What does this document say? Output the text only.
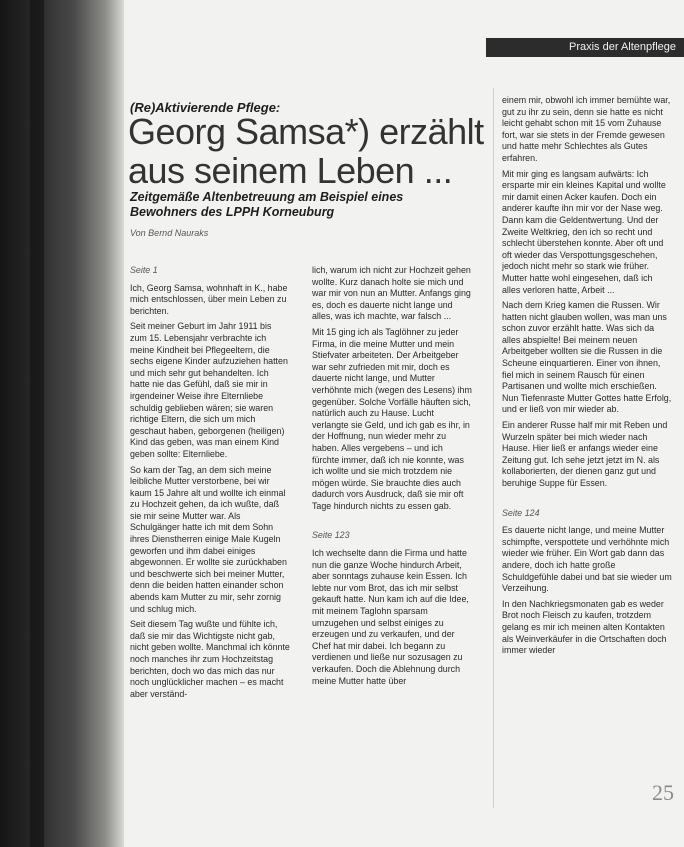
Praxis der Altenpflege
(Re)Aktivierende Pflege:
Georg Samsa*) erzählt aus seinem Leben ...
Zeitgemäße Altenbetreuung am Beispiel eines Bewohners des LPPH Korneuburg
Von Bernd Nauraks

Seite 1

Ich, Georg Samsa, wohnhaft in K., habe mich entschlossen, über mein Leben zu berichten.

Seit meiner Geburt im Jahr 1911 bis zum 15. Lebensjahr verbrachte ich meine Kindheit bei Pflegeeltern, die sechs eigene Kinder aufzuziehen hatten und mich sehr gut behandelten. Ich hatte nie das Gefühl, daß sie mir in irgendeiner Weise ihre Elternliebe schuldig geblieben wären; sie waren richtige Eltern, die sich um mich geschaut haben, geborgenen (heiligen) Kind das geben, was man einem Kind geben sollte: Elternliebe.

So kam der Tag, an dem sich meine leibliche Mutter verstorbene, bei wir kaum 15 Jahre alt und wollte ich einmal zu Hochzeit gehen, da ich wußte, daß sie mir seine Mutter war. Als Schulgänger hatte ich mit dem Sohn ihres Dienstherren einige Male Kugeln geworfen und ihm dabei einiges abgewonnen. Er wollte sie zurückhaben und beschwerte sich bei meiner Mutter, denn die beiden hatten einander schon abends kam Mutter zu mir, sehr zornig und schlug mich.

Seit diesem Tag wußte und fühlte ich, daß sie mir das Wichtigste nicht gab, nicht geben wollte. Manchmal ich könnte noch manches ihr zum Hochzeitstag berichten, doch wo das mich das nur noch unglücklicher machen – es macht aber verständ-

lich, warum ich nicht zur Hochzeit gehen wollte. Kurz danach holte sie mich und war mir von nun an Mutter. Anfangs ging es, doch es dauerte nicht lange und alles, was ich machte, war falsch ...

Mit 15 ging ich als Taglöhner zu jeder Firma, in die meine Mutter und mein Stiefvater arbeiteten. Der Arbeitgeber war sehr zufrieden mit mir, doch es dauerte nicht lange, und Mutter verhöhnte mich (wegen des Lesens) ihm gegenüber. Solche Vorfälle häuften sich, natürlich auch zu Hause. Lucht verlangte sie Geld, und ich gab es ihr, in der Hoffnung, nun wieder mehr zu haben. Alles vergebens – und ich fürchte immer, daß ich nie konnte, was ich wollte und sie mich trotzdem nie mögen würde. Sie brauchte dies auch dadurch vors Ausdruck, daß sie mir oft Tage hindurch nichts zu essen gab.

Seite 123

Ich wechselte dann die Firma und hatte nun die ganze Woche hindurch Arbeit, aber sonntags zuhause kein Essen. Ich lebte nur vom Brot, das ich mir selbst gekauft hatte. Nun kam ich auf die Idee, mit meinem Taglohn sparsam umzugehen und selbst einiges zu erzeugen und zu verkaufen, und der Chef hat mir dabei. Ich begann zu verdienen und ließe nur sozusagen zu verkaufen. Doch die Ablehnung durch meine Mutter hatte über

einem mir, obwohl ich immer bemühte war, gut zu ihr zu sein, denn sie hatte es nicht leicht gehabt schon mit 15 vom Zuhause fort, war sie stets in der Fremde gewesen und hatte mehr Schlechtes als Gutes erfahren.

Mit mir ging es langsam aufwärts: Ich ersparte mir ein kleines Kapital und wollte mir damit einen Acker kaufen. Doch ein anderer kaufte ihn mir vor der Nase weg. Dann kam die Geldentwertung. Und der Zweite Weltkrieg, den ich so recht und schlecht überstehen konnte. Aber oft und oft wieder das Verspottungsgeschehen, jedoch nicht mehr so stark wie früher. Mutter hatte wohl eingesehen, daß ich alles verloren hatte, Arbeit ...

Nach dem Krieg kamen die Russen. Wir hatten nicht glauben wollen, was man uns schon zuvor erzählt hatte. Was sich da alles abspielte! Bei meinem neuen Arbeitgeber wollten sie die Russen in die Scheune einquartieren. Einer von ihnen, fiel mich in seinem Rausch für einen Partisanen und wollte mich erschießen. Nun Tiefenraste Mutter Gottes hatte Erfolg, und er ließ von mir wieder ab.

Ein anderer Russe half mir mit Reben und Wurzeln später bei mich wieder nach Hause. Hier ließ er anfangs wieder eine Zeitung gut. Ich sehe jetzt jetzt im N. als kollaborierten, der dienen ganz gut und beruhige Suppe für Essen.

Seite 124

Es dauerte nicht lange, und meine Mutter schimpfte, verspottete und verhöhnte mich wieder wie früher. Ein Wort gab dann das andere, doch ich hatte große Schuldgefühle dabei und bat sie wieder um Verzeihung.

In den Nachkriegsmonaten gab es weder Brot noch Fleisch zu kaufen, trotzdem gelang es mir ich meinen alten Kontakten als Weinverkäufer in die Ortschaften doch immer wieder

25
